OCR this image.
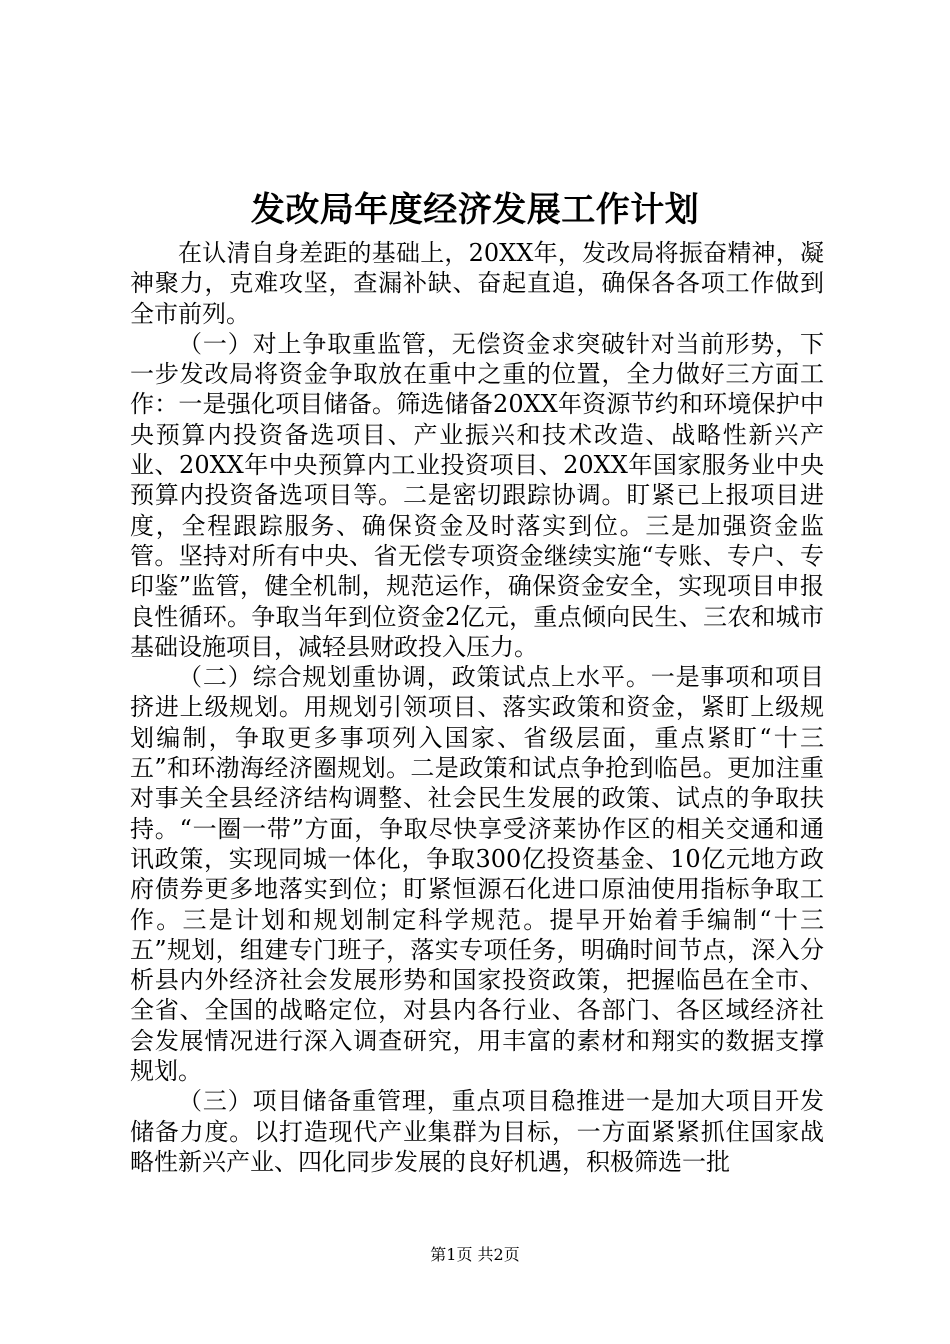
发改局年度经济发展工作计划

在认清自身差距的基础上，20XX年，发改局将振奋精神，凝神聚力，克难攻坚，查漏补缺、奋起直追，确保各各项工作做到全市前列。

（一）对上争取重监管，无偿资金求突破针对当前形势，下一步发改局将资金争取放在重中之重的位置，全力做好三方面工作：一是强化项目储备。筛选储备20XX年资源节约和环境保护中央预算内投资备选项目、产业振兴和技术改造、战略性新兴产业、20XX年中央预算内工业投资项目、20XX年国家服务业中央预算内投资备选项目等。二是密切跟踪协调。盯紧已上报项目进度，全程跟踪服务、确保资金及时落实到位。三是加强资金监管。坚持对所有中央、省无偿专项资金继续实施“专账、专户、专印鉴”监管，健全机制，规范运作，确保资金安全，实现项目申报良性循环。争取当年到位资金2亿元，重点倾向民生、三农和城市基础设施项目，减轻县财政投入压力。

（二）综合规划重协调，政策试点上水平。一是事项和项目挤进上级规划。用规划引领项目、落实政策和资金，紧盯上级规划编制，争取更多事项列入国家、省级层面，重点紧盯“十三五”和环渤海经济圈规划。二是政策和试点争抢到临邑。更加注重对事关全县经济结构调整、社会民生发展的政策、试点的争取扶持。“一圈一带”方面，争取尽快享受济莱协作区的相关交通和通讯政策，实现同城一体化，争取300亿投资基金、10亿元地方政府债券更多地落实到位；盯紧恒源石化进口原油使用指标争取工作。三是计划和规划制定科学规范。提早开始着手编制“十三五”规划，组建专门班子，落实专项任务，明确时间节点，深入分析县内外经济社会发展形势和国家投资政策，把握临邑在全市、全省、全国的战略定位，对县内各行业、各部门、各区域经济社会发展情况进行深入调查研究，用丰富的素材和翔实的数据支撑规划。

（三）项目储备重管理，重点项目稳推进一是加大项目开发储备力度。以打造现代产业集群为目标，一方面紧紧抓住国家战略性新兴产业、四化同步发展的良好机遇，积极筛选一批

第1页 共2页
